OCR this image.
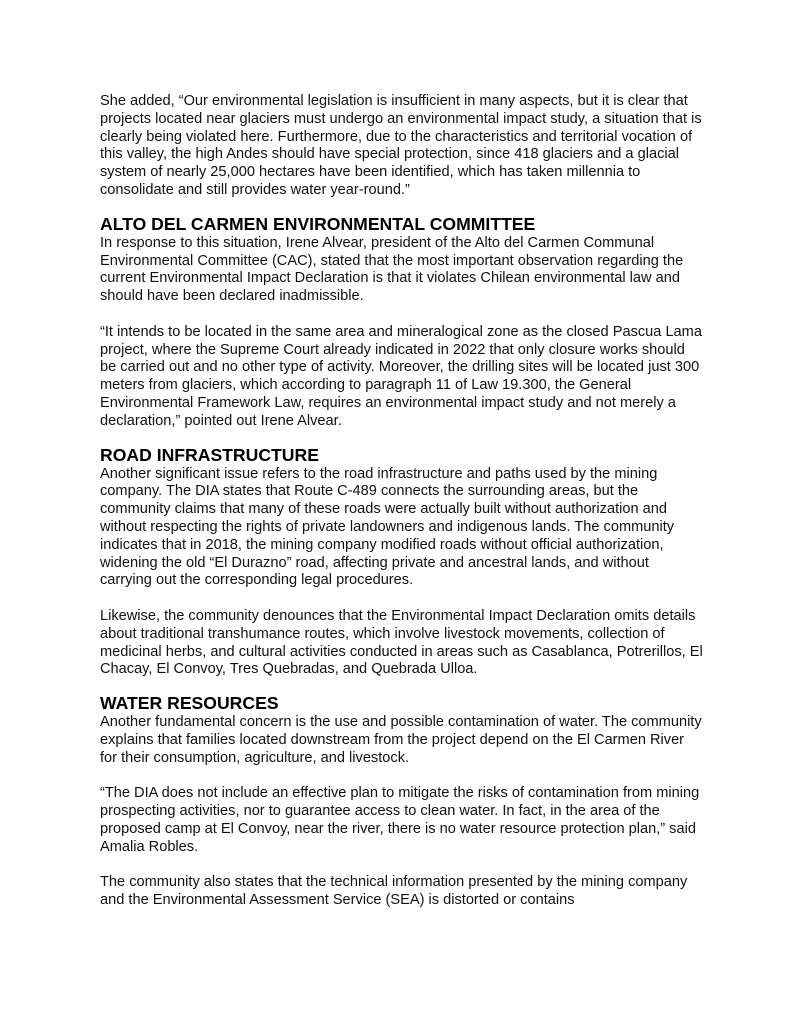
She added, “Our environmental legislation is insufficient in many aspects, but it is clear that projects located near glaciers must undergo an environmental impact study, a situation that is clearly being violated here. Furthermore, due to the characteristics and territorial vocation of this valley, the high Andes should have special protection, since 418 glaciers and a glacial system of nearly 25,000 hectares have been identified, which has taken millennia to consolidate and still provides water year-round.”

ALTO DEL CARMEN ENVIRONMENTAL COMMITTEE

In response to this situation, Irene Alvear, president of the Alto del Carmen Communal Environmental Committee (CAC), stated that the most important observation regarding the current Environmental Impact Declaration is that it violates Chilean environmental law and should have been declared inadmissible.

“It intends to be located in the same area and mineralogical zone as the closed Pascua Lama project, where the Supreme Court already indicated in 2022 that only closure works should be carried out and no other type of activity. Moreover, the drilling sites will be located just 300 meters from glaciers, which according to paragraph 11 of Law 19.300, the General Environmental Framework Law, requires an environmental impact study and not merely a declaration,” pointed out Irene Alvear.

ROAD INFRASTRUCTURE

Another significant issue refers to the road infrastructure and paths used by the mining company. The DIA states that Route C-489 connects the surrounding areas, but the community claims that many of these roads were actually built without authorization and without respecting the rights of private landowners and indigenous lands. The community indicates that in 2018, the mining company modified roads without official authorization, widening the old “El Durazno” road, affecting private and ancestral lands, and without carrying out the corresponding legal procedures.

Likewise, the community denounces that the Environmental Impact Declaration omits details about traditional transhumance routes, which involve livestock movements, collection of medicinal herbs, and cultural activities conducted in areas such as Casablanca, Potrerillos, El Chacay, El Convoy, Tres Quebradas, and Quebrada Ulloa.

WATER RESOURCES

Another fundamental concern is the use and possible contamination of water. The community explains that families located downstream from the project depend on the El Carmen River for their consumption, agriculture, and livestock.

“The DIA does not include an effective plan to mitigate the risks of contamination from mining prospecting activities, nor to guarantee access to clean water. In fact, in the area of the proposed camp at El Convoy, near the river, there is no water resource protection plan,” said Amalia Robles.

The community also states that the technical information presented by the mining company and the Environmental Assessment Service (SEA) is distorted or contains
